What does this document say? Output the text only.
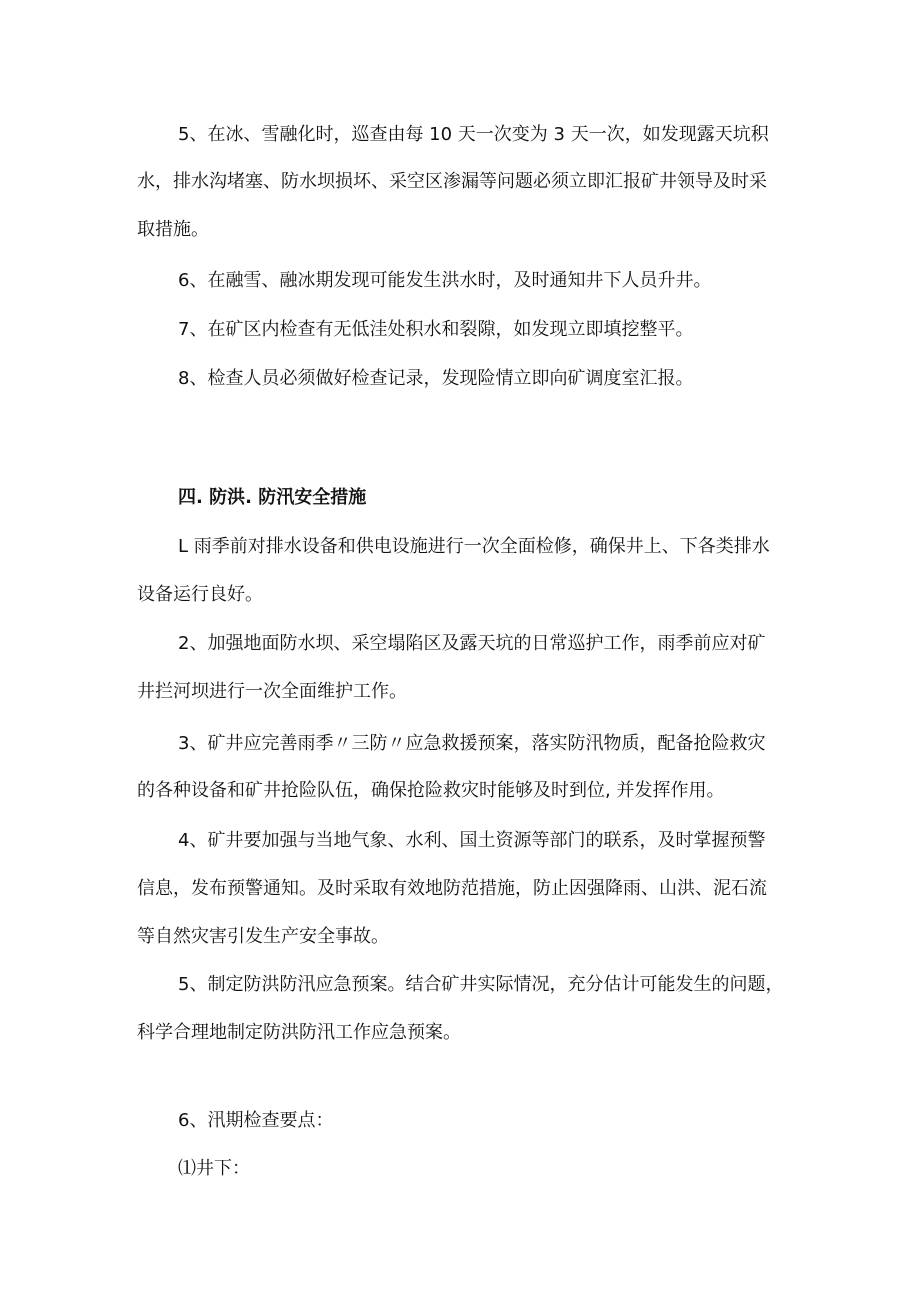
5、在冰、雪融化时，巡查由每 10 天一次变为 3 天一次，如发现露天坑积
水，排水沟堵塞、防水坝损坏、采空区渗漏等问题必须立即汇报矿井领导及时采
取措施。
6、在融雪、融冰期发现可能发生洪水时，及时通知井下人员升井。
7、在矿区内检查有无低洼处积水和裂隙，如发现立即填挖整平。
8、检查人员必须做好检查记录，发现险情立即向矿调度室汇报。
四. 防洪. 防汛安全措施
L 雨季前对排水设备和供电设施进行一次全面检修，确保井上、下各类排水
设备运行良好。
2、加强地面防水坝、采空塌陷区及露天坑的日常巡护工作，雨季前应对矿
井拦河坝进行一次全面维护工作。
3、矿井应完善雨季〃三防〃应急救援预案，落实防汛物质，配备抢险救灾
的各种设备和矿井抢险队伍，确保抢险救灾时能够及时到位, 并发挥作用。
4、矿井要加强与当地气象、水利、国土资源等部门的联系，及时掌握预警
信息，发布预警通知。及时采取有效地防范措施，防止因强降雨、山洪、泥石流
等自然灾害引发生产安全事故。
5、制定防洪防汛应急预案。结合矿井实际情况，充分估计可能发生的问题，
科学合理地制定防洪防汛工作应急预案。
6、汛期检查要点：
⑴井下：
